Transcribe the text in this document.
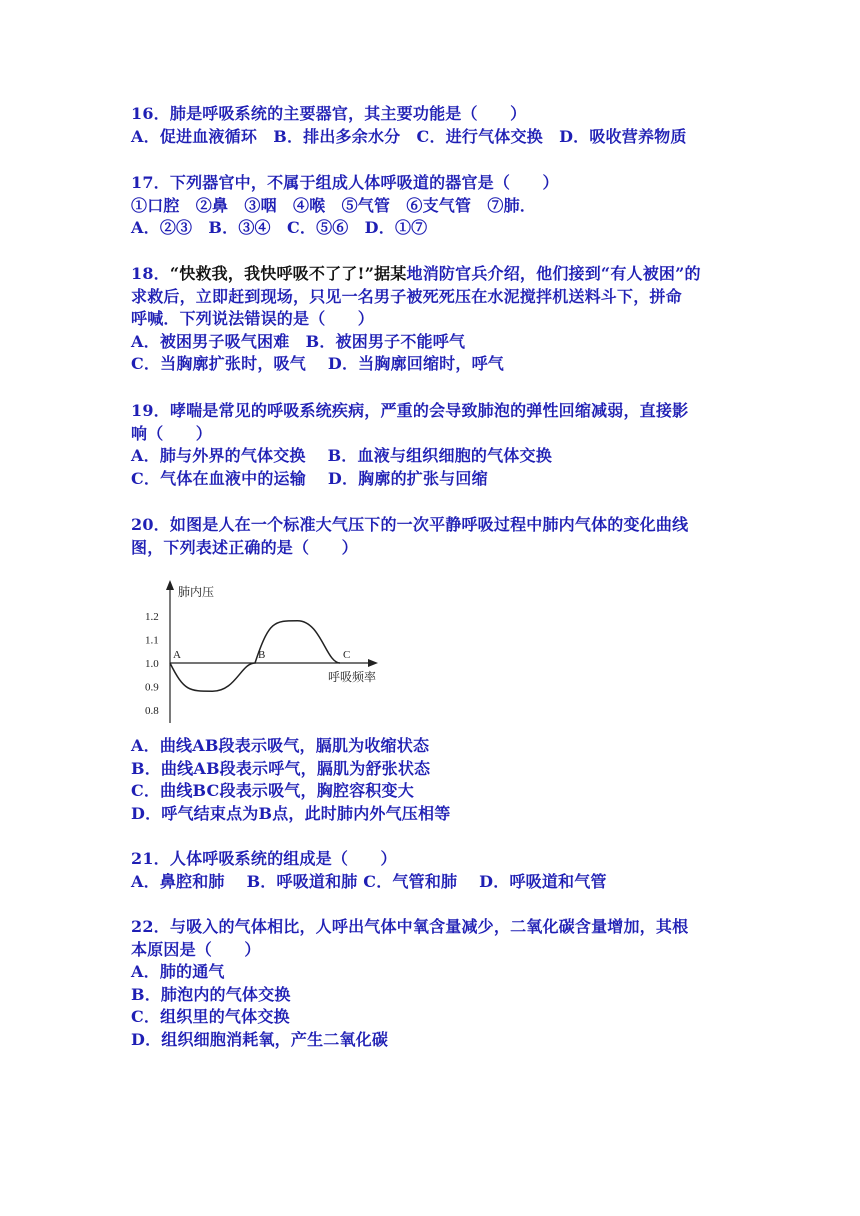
16．肺是呼吸系统的主要器官，其主要功能是（　　）
A．促进血液循环　B．排出多余水分　C．进行气体交换　D．吸收营养物质
17．下列器官中，不属于组成人体呼吸道的器官是（　　）
①口腔　②鼻　③咽　④喉　⑤气管　⑥支气管　⑦肺．
A．②③　B．③④　C．⑤⑥　D．①⑦
18．“快救我，我快呼吸不了了!”据某地消防官兵介绍，他们接到“有人被困”的
求救后，立即赶到现场，只见一名男子被死死压在水泥搅拌机送料斗下，拼命
呼喊．下列说法错误的是（　　）
A．被困男子吸气困难　B．被困男子不能呼气
C．当胸廓扩张时，吸气　 D．当胸廓回缩时，呼气
19．哮喘是常见的呼吸系统疾病，严重的会导致肺泡的弹性回缩减弱，直接影
响（　　）
A．肺与外界的气体交换　 B．血液与组织细胞的气体交换
C．气体在血液中的运输　 D．胸廓的扩张与回缩
20．如图是人在一个标准大气压下的一次平静呼吸过程中肺内气体的变化曲线
图，下列表述正确的是（　　）
肺内压
呼吸频率
1.2
1.1
1.0
0.9
0.8
A	B	C
A．曲线AB段表示吸气，膈肌为收缩状态
B．曲线AB段表示呼气，膈肌为舒张状态
C．曲线BC段表示吸气，胸腔容积变大
D．呼气结束点为B点，此时肺内外气压相等
21．人体呼吸系统的组成是（　　）
A．鼻腔和肺　 B．呼吸道和肺 C．气管和肺　 D．呼吸道和气管
22．与吸入的气体相比，人呼出气体中氧含量减少，二氧化碳含量增加，其根
本原因是（　　）
A．肺的通气
B．肺泡内的气体交换
C．组织里的气体交换
D．组织细胞消耗氧，产生二氧化碳
